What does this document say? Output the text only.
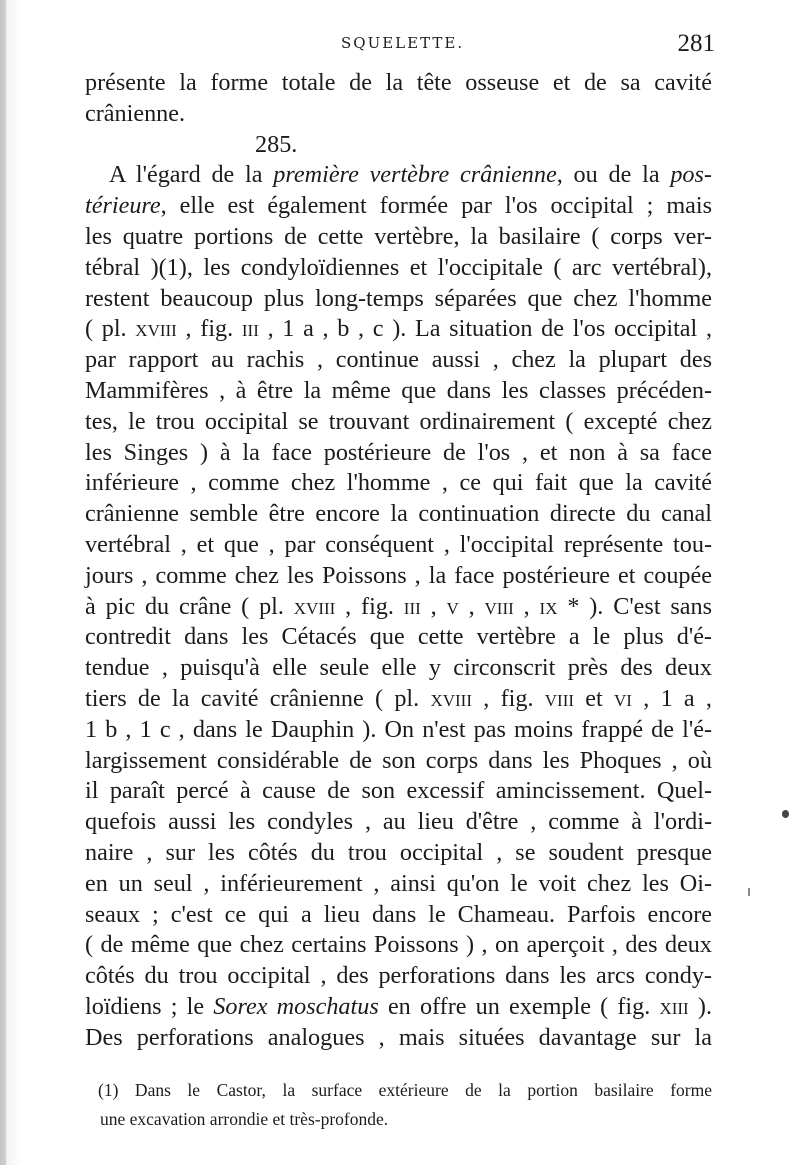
SQUELETTE.	281
présente la forme totale de la tête osseuse et de sa cavité
crânienne.
285.
A l'égard de la première vertèbre crânienne, ou de la pos-
térieure, elle est également formée par l'os occipital ; mais
les quatre portions de cette vertèbre, la basilaire ( corps ver-
tébral )(1), les condyloïdiennes et l'occipitale ( arc vertébral),
restent beaucoup plus long-temps séparées que chez l'homme
( pl. xviii , fig. iii , 1 a , b , c ). La situation de l'os occipital ,
par rapport au rachis , continue aussi , chez la plupart des
Mammifères , à être la même que dans les classes précéden-
tes, le trou occipital se trouvant ordinairement ( excepté chez
les Singes ) à la face postérieure de l'os , et non à sa face
inférieure , comme chez l'homme , ce qui fait que la cavité
crânienne semble être encore la continuation directe du canal
vertébral , et que , par conséquent , l'occipital représente tou-
jours , comme chez les Poissons , la face postérieure et coupée
à pic du crâne ( pl. xviii , fig. iii , v , viii , ix * ). C'est sans
contredit dans les Cétacés que cette vertèbre a le plus d'é-
tendue , puisqu'à elle seule elle y circonscrit près des deux
tiers de la cavité crânienne ( pl. xviii , fig. viii et vi , 1 a ,
1 b , 1 c , dans le Dauphin ). On n'est pas moins frappé de l'é-
largissement considérable de son corps dans les Phoques , où
il paraît percé à cause de son excessif amincissement. Quel-
quefois aussi les condyles , au lieu d'être , comme à l'ordi-
naire , sur les côtés du trou occipital , se soudent presque
en un seul , inférieurement , ainsi qu'on le voit chez les Oi-
seaux ; c'est ce qui a lieu dans le Chameau. Parfois encore
( de même que chez certains Poissons ) , on aperçoit , des deux
côtés du trou occipital , des perforations dans les arcs condy-
loïdiens ; le Sorex moschatus en offre un exemple ( fig. xiii ).
Des perforations analogues , mais situées davantage sur la
(1) Dans le Castor, la surface extérieure de la portion basilaire forme
une excavation arrondie et très-profonde.
